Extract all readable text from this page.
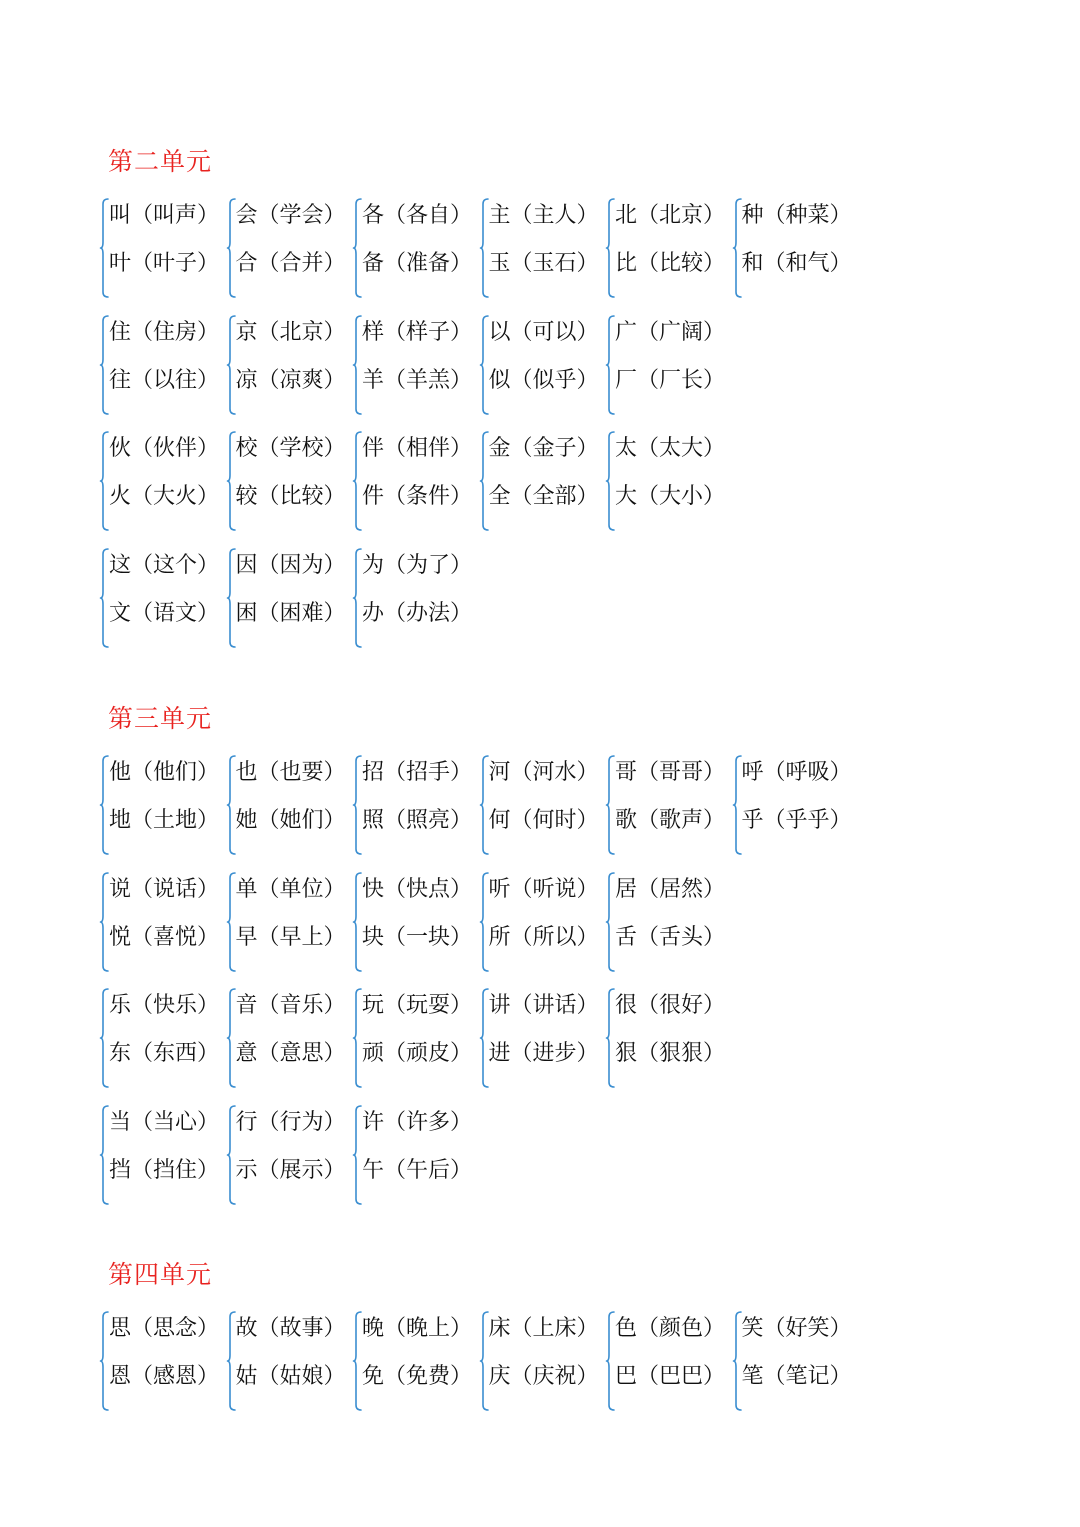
第二单元
叫（叫声）
叶（叶子）
会（学会）
合（合并）
各（各自）
备（准备）
主（主人）
玉（玉石）
北（北京）
比（比较）
种（种菜）
和（和气）
住（住房）
往（以往）
京（北京）
凉（凉爽）
样（样子）
羊（羊羔）
以（可以）
似（似乎）
广（广阔）
厂（厂长）
伙（伙伴）
火（大火）
校（学校）
较（比较）
伴（相伴）
件（条件）
金（金子）
全（全部）
太（太大）
大（大小）
这（这个）
文（语文）
因（因为）
困（困难）
为（为了）
办（办法）
第三单元
他（他们）
地（土地）
也（也要）
她（她们）
招（招手）
照（照亮）
河（河水）
何（何时）
哥（哥哥）
歌（歌声）
呼（呼吸）
乎（乎乎）
说（说话）
悦（喜悦）
单（单位）
早（早上）
快（快点）
块（一块）
听（听说）
所（所以）
居（居然）
舌（舌头）
乐（快乐）
东（东西）
音（音乐）
意（意思）
玩（玩耍）
顽（顽皮）
讲（讲话）
进（进步）
很（很好）
狠（狠狠）
当（当心）
挡（挡住）
行（行为）
示（展示）
许（许多）
午（午后）
第四单元
思（思念）
恩（感恩）
故（故事）
姑（姑娘）
晚（晚上）
免（免费）
床（上床）
庆（庆祝）
色（颜色）
巴（巴巴）
笑（好笑）
笔（笔记）
